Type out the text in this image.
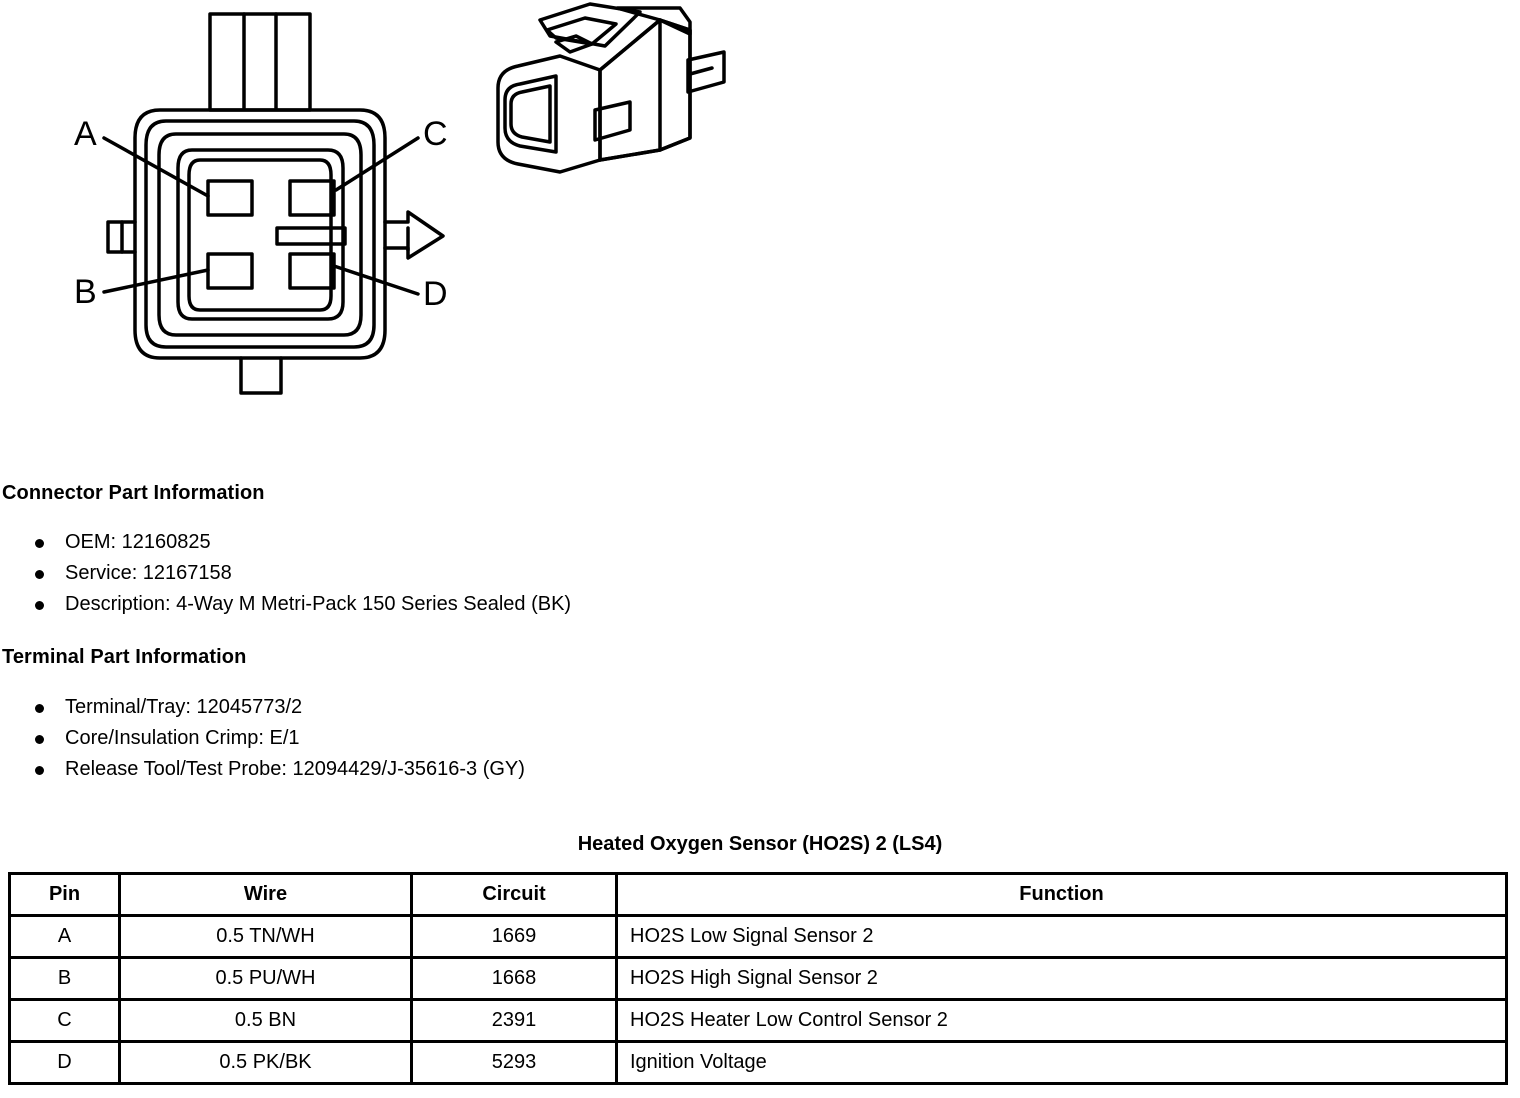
A	C
B	D
Connector Part Information
OEM: 12160825
Service: 12167158
Description: 4-Way M Metri-Pack 150 Series Sealed (BK)
Terminal Part Information
Terminal/Tray: 12045773/2
Core/Insulation Crimp: E/1
Release Tool/Test Probe: 12094429/J-35616-3 (GY)
Heated Oxygen Sensor (HO2S) 2 (LS4)
Pin	Wire	Circuit	Function
A	0.5 TN/WH	1669	HO2S Low Signal Sensor 2
B	0.5 PU/WH	1668	HO2S High Signal Sensor 2
C	0.5 BN	2391	HO2S Heater Low Control Sensor 2
D	0.5 PK/BK	5293	Ignition Voltage
